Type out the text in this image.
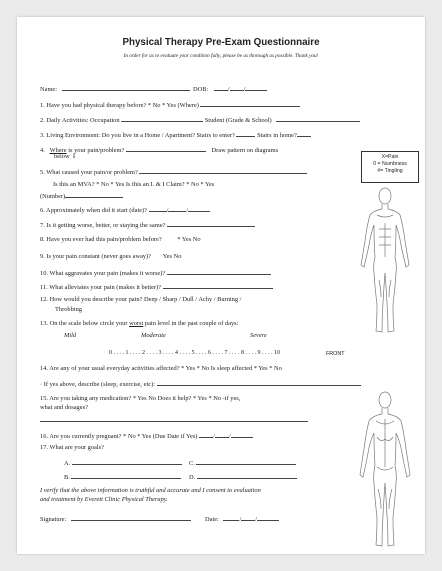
Physical Therapy Pre-Exam Questionnaire
In order for us to evaluate your condition fully, please be as thorough as possible. Thank you!
Name:	DOB:	/ /
1. Have you had physical therapy before? * No * Yes (Where)
2. Daily Activities: Occupation	Student (Grade & School)
3. Living Environment: Do you live in a Home / Apartment? Stairs to enter?	Stairs in home?
4. Where is your pain/problem?	Draw pattern on diagrams
below ⇩	X=Pain
0 = Numbness
#= Tingling
5. What caused your pain/or problem?
Is this an MVA? * No * Yes Is this an I. & I Claim? * No * Yes
(Number)
6. Approximately when did it start (date)?	/	/
7. Is it getting worse, better, or staying the same?
8. Have you ever had this pain/problem before? * Yes No
9. Is your pain constant (never goes away)? Yes No
10. What aggravates your pain (makes it worse)?
11. What alleviates your pain (makes it better)?
12. How would you describe your pain? Deep / Sharp / Dull / Achy / Burning /
Throbbing
13. On the scale below circle your worst pain level in the past couple of days:
Mild	Moderate	Severe
0 . . . . 1 . . . . 2 . . . . 3 . . . . 4 . . . . 5 . . . . 6 . . . . 7 . . . . 8 . . . . 9 . . . . 10	FRONT
14. Are any of your usual everyday activities affected? * Yes * No Is sleep affected * Yes * No
· If yes above, describe (sleep, exercise, etc):
15. Are you taking any medication? * Yes No Does it help? * Yes * No -if yes,
what and dosages?
16. Are you currently pregnant? * No * Yes (Due Date if Yes) / /
17. What are your goals?
A.	C.
B.	D.
I verify that the above information is truthful and accurate and I consent to evaluation
and treatment by Everett Clinic Physical Therapy.
Signature:	Date:	/ /
